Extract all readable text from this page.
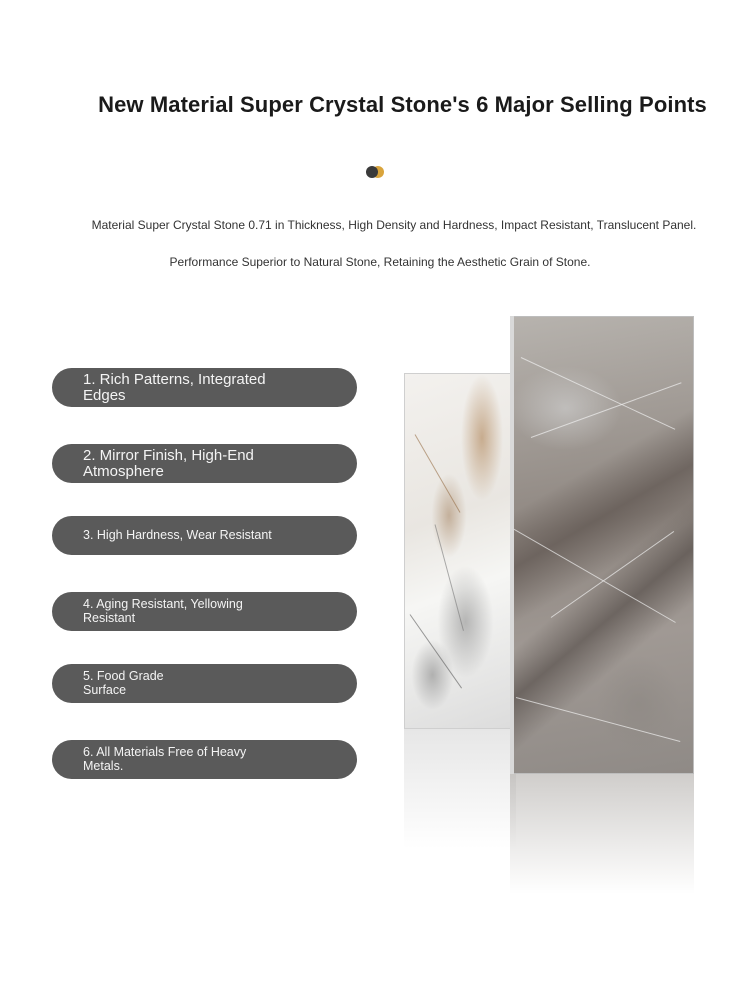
New Material Super Crystal Stone's 6 Major Selling Points
Material Super Crystal Stone 0.71 in Thickness, High Density and Hardness, Impact Resistant, Translucent Panel.
Performance Superior to Natural Stone, Retaining the Aesthetic Grain of Stone.
1. Rich Patterns, Integrated Edges
2. Mirror Finish, High-End Atmosphere
3. High Hardness, Wear Resistant
4. Aging Resistant, Yellowing Resistant
5. Food Grade Surface
6. All Materials Free of Heavy Metals.
